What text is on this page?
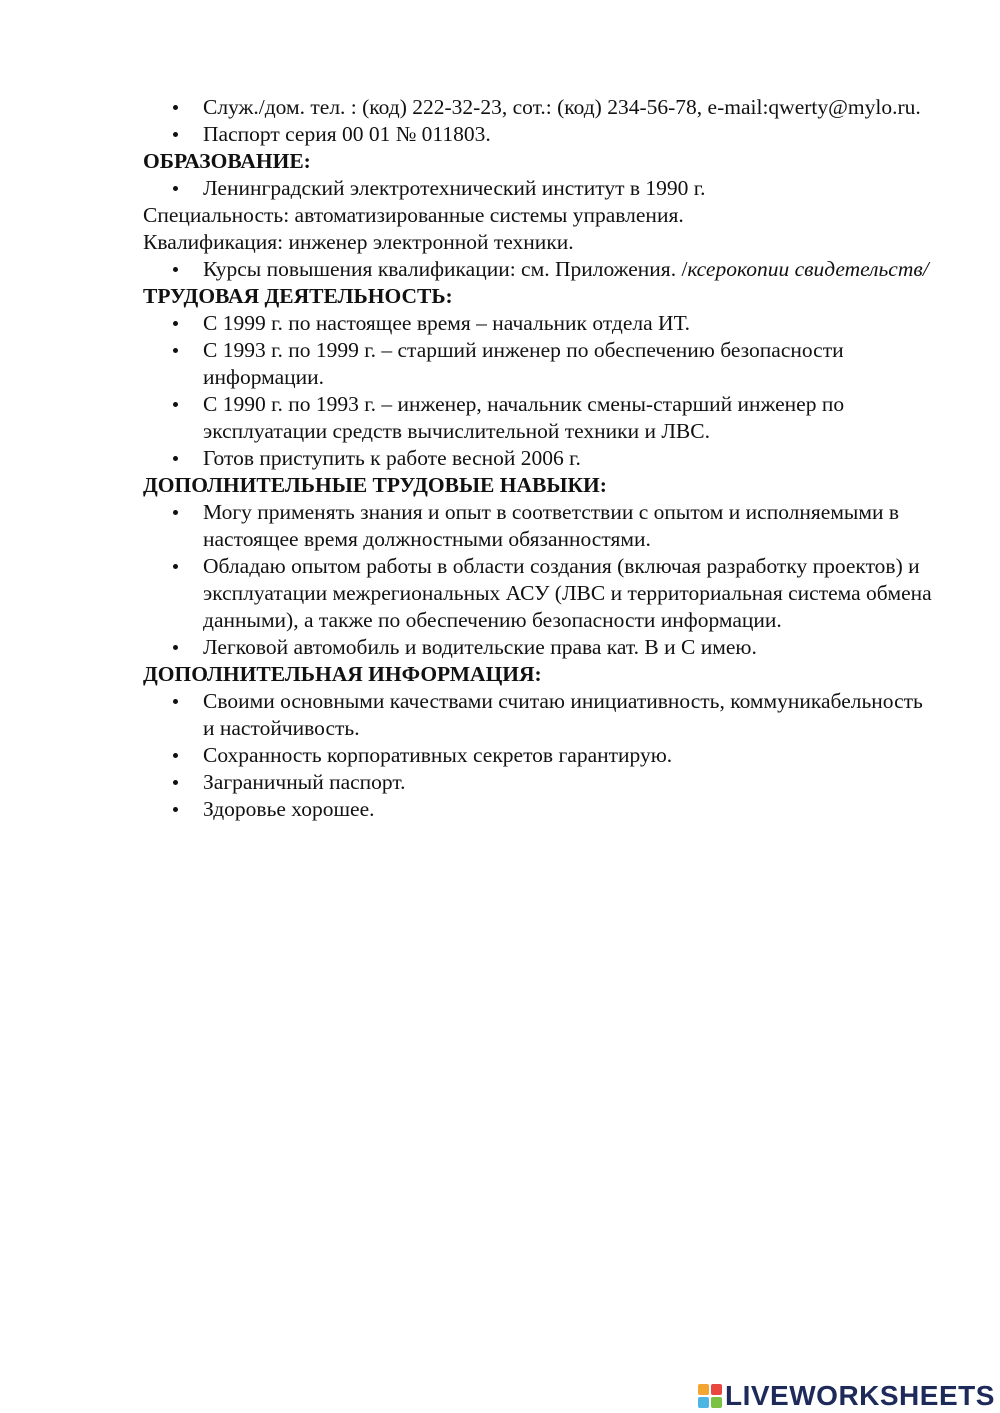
Служ./дом. тел. : (код) 222-32-23, сот.: (код) 234-56-78, e-mail:qwerty@mylo.ru.
Паспорт серия 00 01 № 011803.

ОБРАЗОВАНИЕ:

Ленинградский электротехнический институт в 1990 г.

Специальность: автоматизированные системы управления.

Квалификация: инженер электронной техники.

Курсы повышения квалификации: см. Приложения. /ксерокопии свидетельств/

ТРУДОВАЯ ДЕЯТЕЛЬНОСТЬ:

С 1999 г. по настоящее время – начальник отдела ИТ.
С 1993 г. по 1999 г. – старший инженер по обеспечению безопасности информации.
С 1990 г. по 1993 г. – инженер, начальник смены-старший инженер по эксплуатации средств вычислительной техники и ЛВС.
Готов приступить к работе весной 2006 г.

ДОПОЛНИТЕЛЬНЫЕ ТРУДОВЫЕ НАВЫКИ:

Могу применять знания и опыт в соответствии с опытом и исполняемыми в настоящее время должностными обязанностями.
Обладаю опытом работы в области создания (включая разработку проектов) и эксплуатации межрегиональных АСУ (ЛВС и территориальная система обмена данными), а также по обеспечению безопасности информации.
Легковой автомобиль и водительские права кат. В и С имею.

ДОПОЛНИТЕЛЬНАЯ ИНФОРМАЦИЯ:

Своими основными качествами считаю инициативность, коммуникабельность и настойчивость.
Сохранность корпоративных секретов гарантирую.
Заграничный паспорт.
Здоровье хорошее.
LIVEWORKSHEETS
